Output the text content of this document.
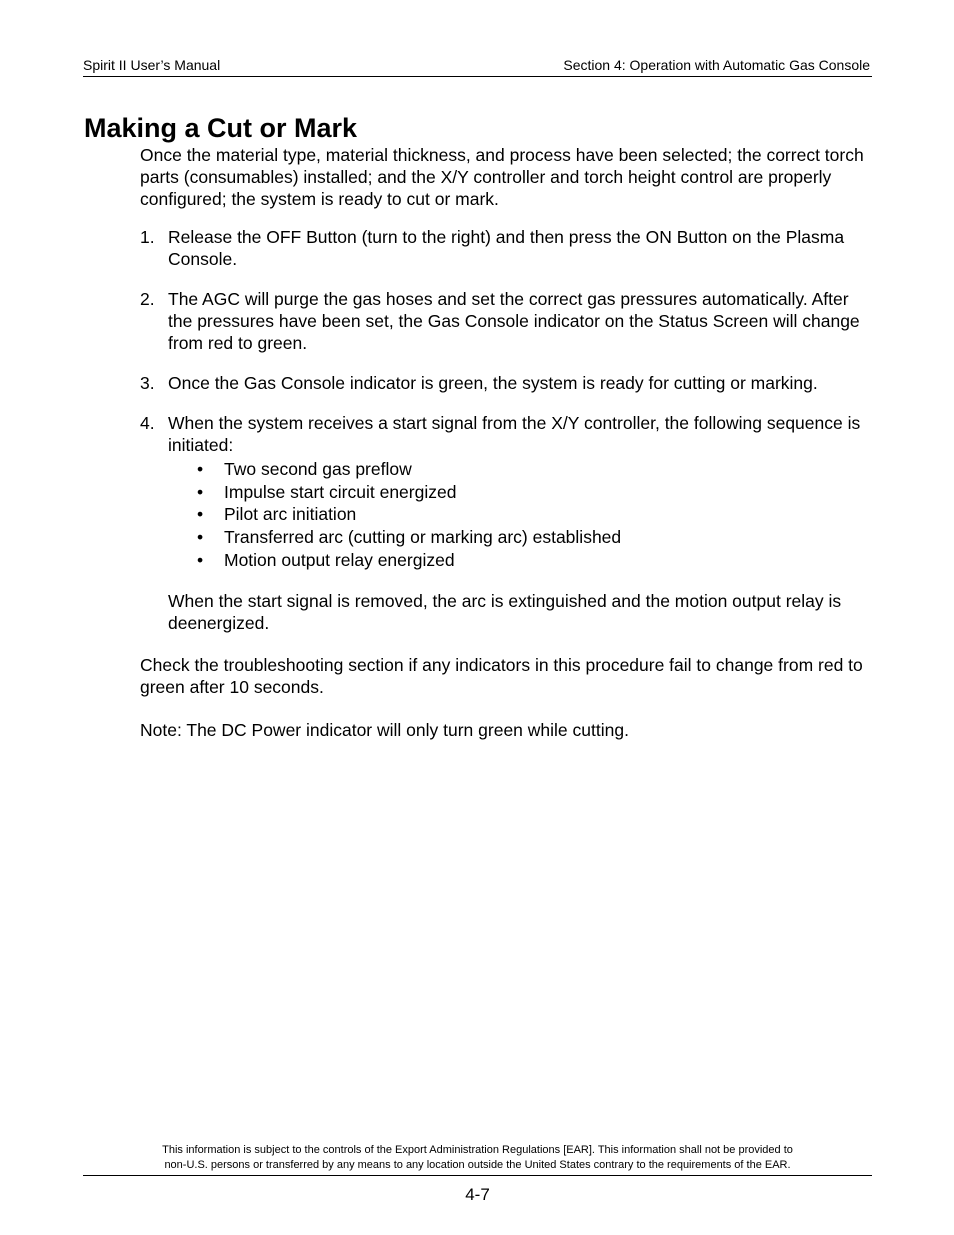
Spirit II User’s Manual	Section 4: Operation with Automatic Gas Console
Making a Cut or Mark

Once the material type, material thickness, and process have been selected; the correct torch parts (consumables) installed; and the X/Y controller and torch height control are properly configured; the system is ready to cut or mark.

1. Release the OFF Button (turn to the right) and then press the ON Button on the Plasma Console.
2. The AGC will purge the gas hoses and set the correct gas pressures automatically. After the pressures have been set, the Gas Console indicator on the Status Screen will change from red to green.
3. Once the Gas Console indicator is green, the system is ready for cutting or marking.
4. When the system receives a start signal from the X/Y controller, the following sequence is initiated:
• Two second gas preflow
• Impulse start circuit energized
• Pilot arc initiation
• Transferred arc (cutting or marking arc) established
• Motion output relay energized

When the start signal is removed, the arc is extinguished and the motion output relay is deenergized.

Check the troubleshooting section if any indicators in this procedure fail to change from red to green after 10 seconds.

Note: The DC Power indicator will only turn green while cutting.

This information is subject to the controls of the Export Administration Regulations [EAR]. This information shall not be provided to
non-U.S. persons or transferred by any means to any location outside the United States contrary to the requirements of the EAR.
4-7
